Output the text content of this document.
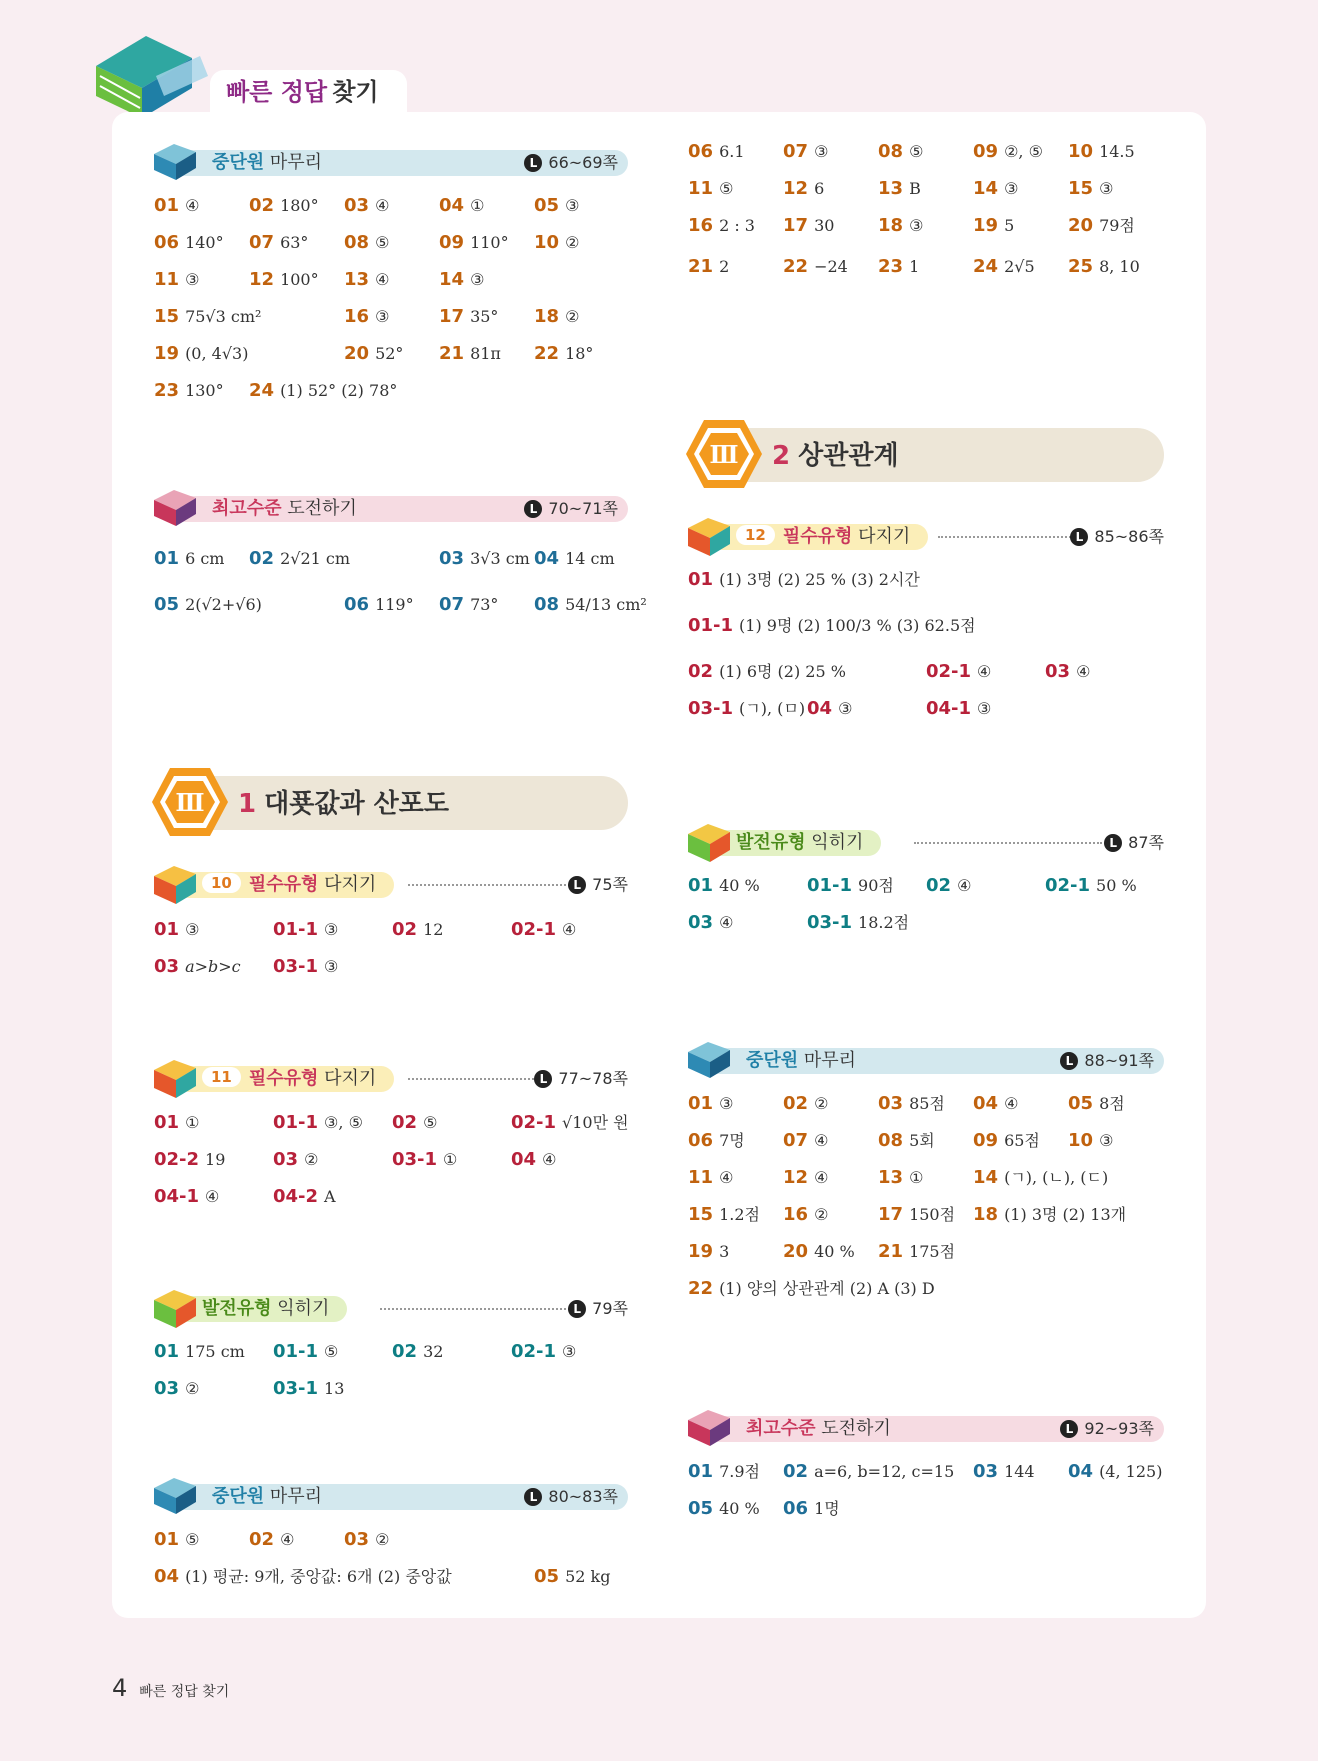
빠른 정답 찾기
중단원 마무리	L 66~69쪽
01 ④	02 180° 03 ④	04 ①	05 ③
06 140° 07 63° 08 ⑤	09 110° 10 ②
11 ③	12 100° 13 ④	14 ③
15 75√3 cm²	16 ③	17 35° 18 ②
19 (0, 4√3)	20 52° 21 81π 22 18°
23 130° 24 (1) 52° (2) 78°
최고수준 도전하기	L 70~71쪽
01 6 cm 02 2√21 cm	03 3√3 cm 04 14 cm
05 2(√2+√6)	06 119° 07 73° 08 54/13 cm²
Ⅲ 1 대푯값과 산포도
10 필수유형 다지기	L 75쪽
01 ③	01-1 ③	02 12	02-1 ④
03 a>b>c 03-1 ③
11 필수유형 다지기	L 77~78쪽
01 ①	01-1 ③, ⑤ 02 ⑤	02-1 √10만 원
02-2 19	03 ②	03-1 ①	04 ④
04-1 ④	04-2 A
발전유형 익히기	L 79쪽
01 175 cm 01-1 ⑤	02 32	02-1 ③
03 ②	03-1 13
중단원 마무리	L 80~83쪽
01 ⑤	02 ④	03 ②
04 (1) 평균: 9개, 중앙값: 6개 (2) 중앙값	05 52 kg
06 6.1 07 ③	08 ⑤	09 ②, ⑤ 10 14.5
11 ⑤	12 6	13 B	14 ③	15 ③
16 2 : 3 17 30 18 ③	19 5	20 79점
21 2	22 −24 23 1	24 2√5 25 8, 10
Ⅲ 2 상관관계
12 필수유형 다지기	L 85~86쪽
01 (1) 3명 (2) 25 % (3) 2시간
01-1 (1) 9명 (2) 100/3 % (3) 62.5점
02 (1) 6명 (2) 25 %	02-1 ④	03 ④
03-1 (ㄱ), (ㅁ) 04 ③	04-1 ③
발전유형 익히기	L 87쪽
01 40 %	01-1 90점 02 ④	02-1 50 %
03 ④	03-1 18.2점
중단원 마무리	L 88~91쪽
01 ③	02 ②	03 85점 04 ④	05 8점
06 7명 07 ④	08 5회 09 65점 10 ③
11 ④	12 ④	13 ①	14 (ㄱ), (ㄴ), (ㄷ)
15 1.2점 16 ②	17 150점 18 (1) 3명 (2) 13개
19 3	20 40 % 21 175점
22 (1) 양의 상관관계 (2) A (3) D
최고수준 도전하기	L 92~93쪽
01 7.9점 02 a=6, b=12, c=15 03 144 04 (4, 125)
05 40 % 06 1명
4 빠른 정답 찾기
